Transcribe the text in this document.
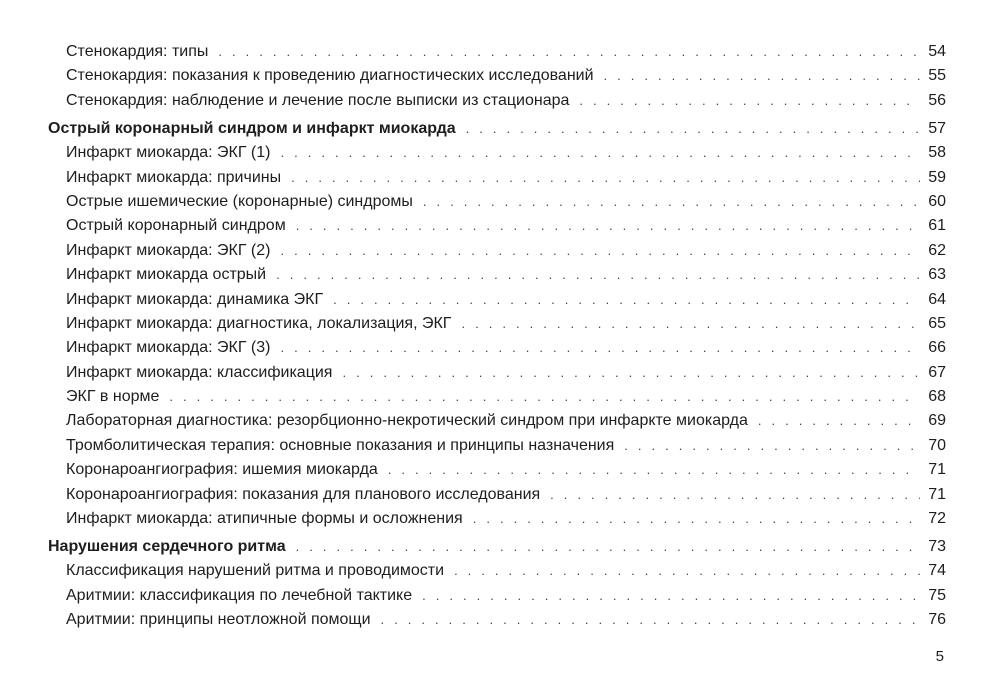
Стенокардия: типы . . .	54
Стенокардия: показания к проведению диагностических исследований . . .	55
Стенокардия: наблюдение и лечение после выписки из стационара . . .	56
Острый коронарный синдром и инфаркт миокарда . . .	57
Инфаркт миокарда: ЭКГ (1) . . .	58
Инфаркт миокарда: причины . . .	59
Острые ишемические (коронарные) синдромы . . .	60
Острый коронарный синдром . . .	61
Инфаркт миокарда: ЭКГ (2) . . .	62
Инфаркт миокарда острый . . .	63
Инфаркт миокарда: динамика ЭКГ . . .	64
Инфаркт миокарда: диагностика, локализация, ЭКГ . . .	65
Инфаркт миокарда: ЭКГ (3) . . .	66
Инфаркт миокарда: классификация . . .	67
ЭКГ в норме . . .	68
Лабораторная диагностика: резорбционно-некротический синдром при инфаркте миокарда . . .	69
Тромболитическая терапия: основные показания и принципы назначения . . .	70
Коронароангиография: ишемия миокарда . . .	71
Коронароангиография: показания для планового исследования . . .	71
Инфаркт миокарда: атипичные формы и осложнения . . .	72
Нарушения сердечного ритма . . .	73
Классификация нарушений ритма и проводимости . . .	74
Аритмии: классификация по лечебной тактике . . .	75
Аритмии: принципы неотложной помощи . . .	76
5
